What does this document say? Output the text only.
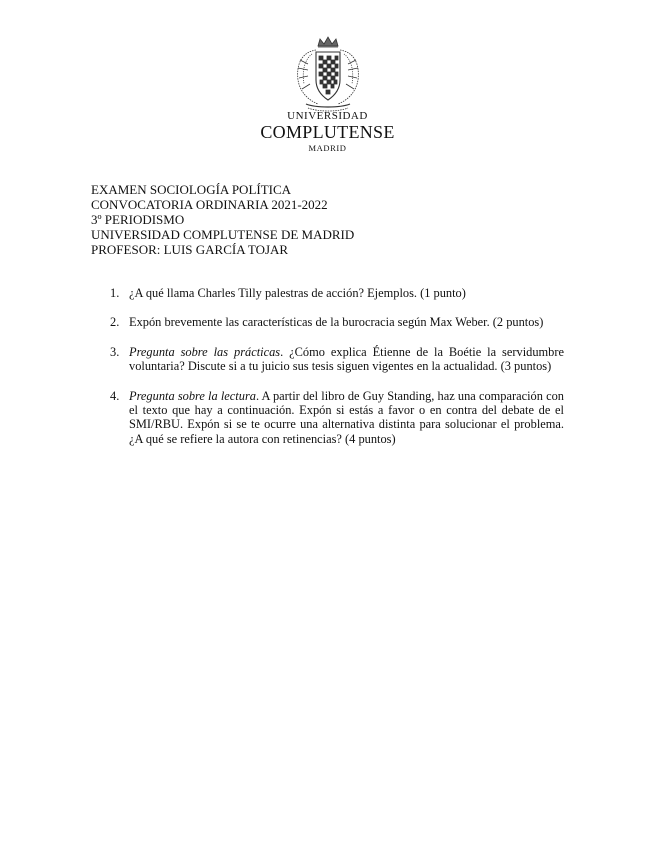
UNIVERSIDAD
COMPLUTENSE
MADRID
EXAMEN SOCIOLOGÍA POLÍTICA
CONVOCATORIA ORDINARIA 2021-2022
3º PERIODISMO
UNIVERSIDAD COMPLUTENSE DE MADRID
PROFESOR: LUIS GARCÍA TOJAR
1. ¿A qué llama Charles Tilly palestras de acción? Ejemplos. (1 punto)
2. Expón brevemente las características de la burocracia según Max Weber. (2 puntos)
3. Pregunta sobre las prácticas. ¿Cómo explica Étienne de la Boétie la servidumbre voluntaria? Discute si a tu juicio sus tesis siguen vigentes en la actualidad. (3 puntos)
4. Pregunta sobre la lectura. A partir del libro de Guy Standing, haz una comparación con el texto que hay a continuación. Expón si estás a favor o en contra del debate de el SMI/RBU. Expón si se te ocurre una alternativa distinta para solucionar el problema. ¿A qué se refiere la autora con retinencias? (4 puntos)
